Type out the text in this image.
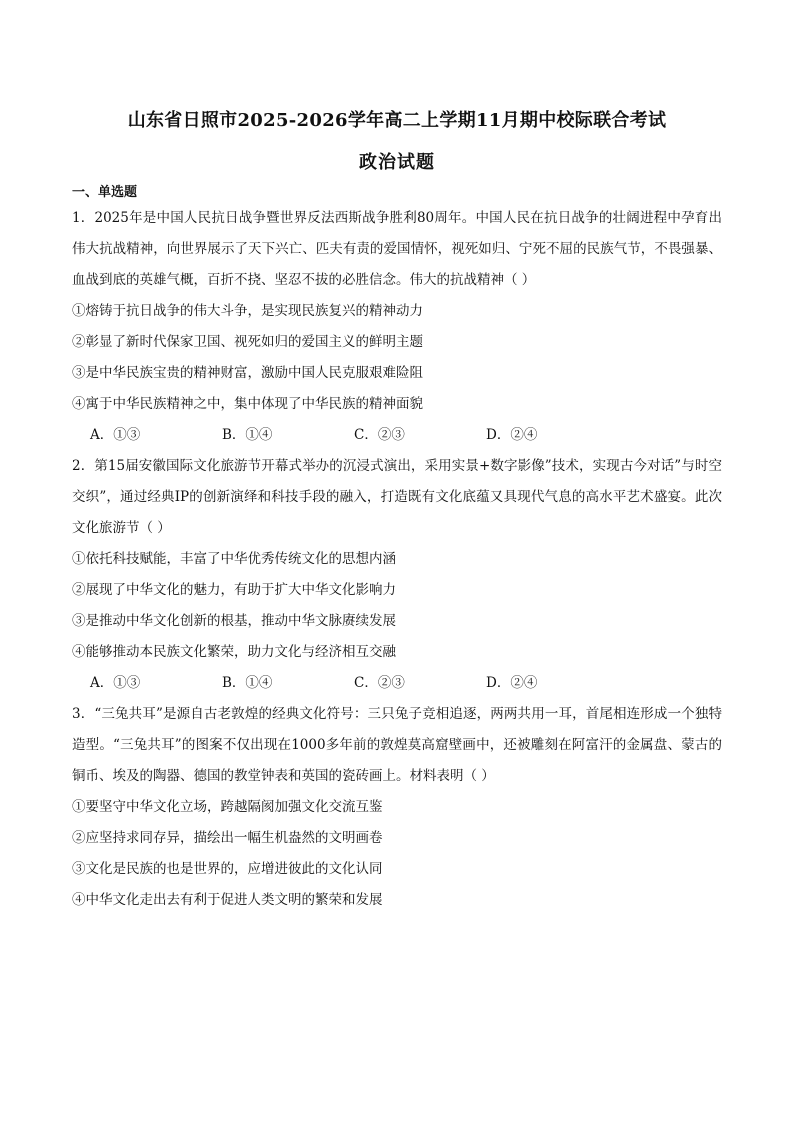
山东省日照市2025-2026学年高二上学期11月期中校际联合考试
政治试题
一、单选题

1．2025年是中国人民抗日战争暨世界反法西斯战争胜利80周年。中国人民在抗日战争的壮阔进程中孕育出伟大抗战精神，向世界展示了天下兴亡、匹夫有责的爱国情怀，视死如归、宁死不屈的民族气节，不畏强暴、血战到底的英雄气概，百折不挠、坚忍不拔的必胜信念。伟大的抗战精神（ ）

①熔铸于抗日战争的伟大斗争，是实现民族复兴的精神动力

②彰显了新时代保家卫国、视死如归的爱国主义的鲜明主题

③是中华民族宝贵的精神财富，激励中国人民克服艰难险阻

④寓于中华民族精神之中，集中体现了中华民族的精神面貌

A．①③	B．①④	C．②③	D．②④

2．第15届安徽国际文化旅游节开幕式举办的沉浸式演出，采用实景+数字影像”技术，实现古今对话”与时空交织”，通过经典IP的创新演绎和科技手段的融入，打造既有文化底蕴又具现代气息的高水平艺术盛宴。此次文化旅游节（ ）

①依托科技赋能，丰富了中华优秀传统文化的思想内涵

②展现了中华文化的魅力，有助于扩大中华文化影响力

③是推动中华文化创新的根基，推动中华文脉赓续发展

④能够推动本民族文化繁荣，助力文化与经济相互交融

A．①③	B．①④	C．②③	D．②④

3．“三兔共耳”是源自古老敦煌的经典文化符号：三只兔子竞相追逐，两两共用一耳，首尾相连形成一个独特造型。“三兔共耳”的图案不仅出现在1000多年前的敦煌莫高窟壁画中，还被雕刻在阿富汗的金属盘、蒙古的铜币、埃及的陶器、德国的教堂钟表和英国的瓷砖画上。材料表明（ ）

①要坚守中华文化立场，跨越隔阂加强文化交流互鉴

②应坚持求同存异，描绘出一幅生机盎然的文明画卷

③文化是民族的也是世界的，应增进彼此的文化认同

④中华文化走出去有利于促进人类文明的繁荣和发展
